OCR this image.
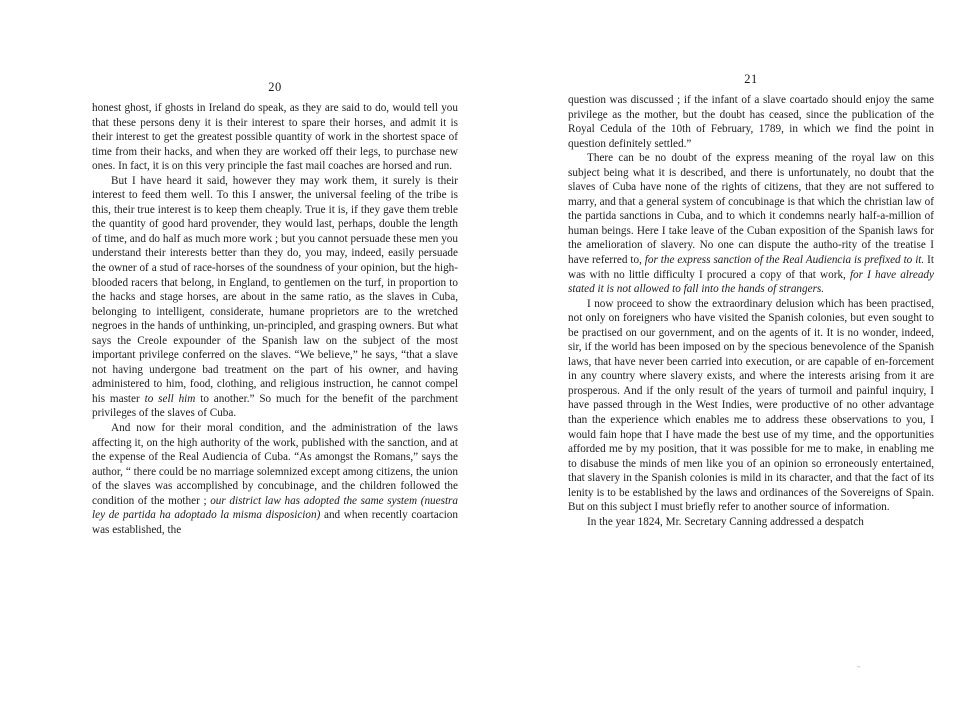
20

honest ghost, if ghosts in Ireland do speak, as they are said to do, would tell you that these persons deny it is their interest to spare their horses, and admit it is their interest to get the greatest possible quantity of work in the shortest space of time from their hacks, and when they are worked off their legs, to purchase new ones. In fact, it is on this very principle the fast mail coaches are horsed and run.

But I have heard it said, however they may work them, it surely is their interest to feed them well. To this I answer, the universal feeling of the tribe is this, their true interest is to keep them cheaply. True it is, if they gave them treble the quantity of good hard provender, they would last, perhaps, double the length of time, and do half as much more work ; but you cannot persuade these men you understand their interests better than they do, you may, indeed, easily persuade the owner of a stud of race-horses of the soundness of your opinion, but the high-blooded racers that belong, in England, to gentlemen on the turf, in proportion to the hacks and stage horses, are about in the same ratio, as the slaves in Cuba, belonging to intelligent, considerate, humane proprietors are to the wretched negroes in the hands of unthinking, un-principled, and grasping owners. But what says the Creole expounder of the Spanish law on the subject of the most important privilege conferred on the slaves. “We believe,” he says, “that a slave not having undergone bad treatment on the part of his owner, and having administered to him, food, clothing, and religious instruction, he cannot compel his master to sell him to another.” So much for the benefit of the parchment privileges of the slaves of Cuba.

And now for their moral condition, and the administration of the laws affecting it, on the high authority of the work, published with the sanction, and at the expense of the Real Audiencia of Cuba. “As amongst the Romans,” says the author, “ there could be no marriage solemnized except among citizens, the union of the slaves was accomplished by concubinage, and the children followed the condition of the mother ; our district law has adopted the same system (nuestra ley de partida ha adoptado la misma disposicion) and when recently coartacion was established, the

21

question was discussed ; if the infant of a slave coartado should enjoy the same privilege as the mother, but the doubt has ceased, since the publication of the Royal Cedula of the 10th of February, 1789, in which we find the point in question definitely settled.”

There can be no doubt of the express meaning of the royal law on this subject being what it is described, and there is unfortunately, no doubt that the slaves of Cuba have none of the rights of citizens, that they are not suffered to marry, and that a general system of concubinage is that which the christian law of the partida sanctions in Cuba, and to which it condemns nearly half-a-million of human beings. Here I take leave of the Cuban exposition of the Spanish laws for the amelioration of slavery. No one can dispute the autho-rity of the treatise I have referred to, for the express sanction of the Real Audiencia is prefixed to it. It was with no little difficulty I procured a copy of that work, for I have already stated it is not allowed to fall into the hands of strangers.

I now proceed to show the extraordinary delusion which has been practised, not only on foreigners who have visited the Spanish colonies, but even sought to be practised on our government, and on the agents of it. It is no wonder, indeed, sir, if the world has been imposed on by the specious benevolence of the Spanish laws, that have never been carried into execution, or are capable of en-forcement in any country where slavery exists, and where the interests arising from it are prosperous. And if the only result of the years of turmoil and painful inquiry, I have passed through in the West Indies, were productive of no other advantage than the experience which enables me to address these observations to you, I would fain hope that I have made the best use of my time, and the opportunities afforded me by my position, that it was possible for me to make, in enabling me to disabuse the minds of men like you of an opinion so erroneously entertained, that slavery in the Spanish colonies is mild in its character, and that the fact of its lenity is to be established by the laws and ordinances of the Sovereigns of Spain. But on this subject I must briefly refer to another source of information.

In the year 1824, Mr. Secretary Canning addressed a despatch

~
